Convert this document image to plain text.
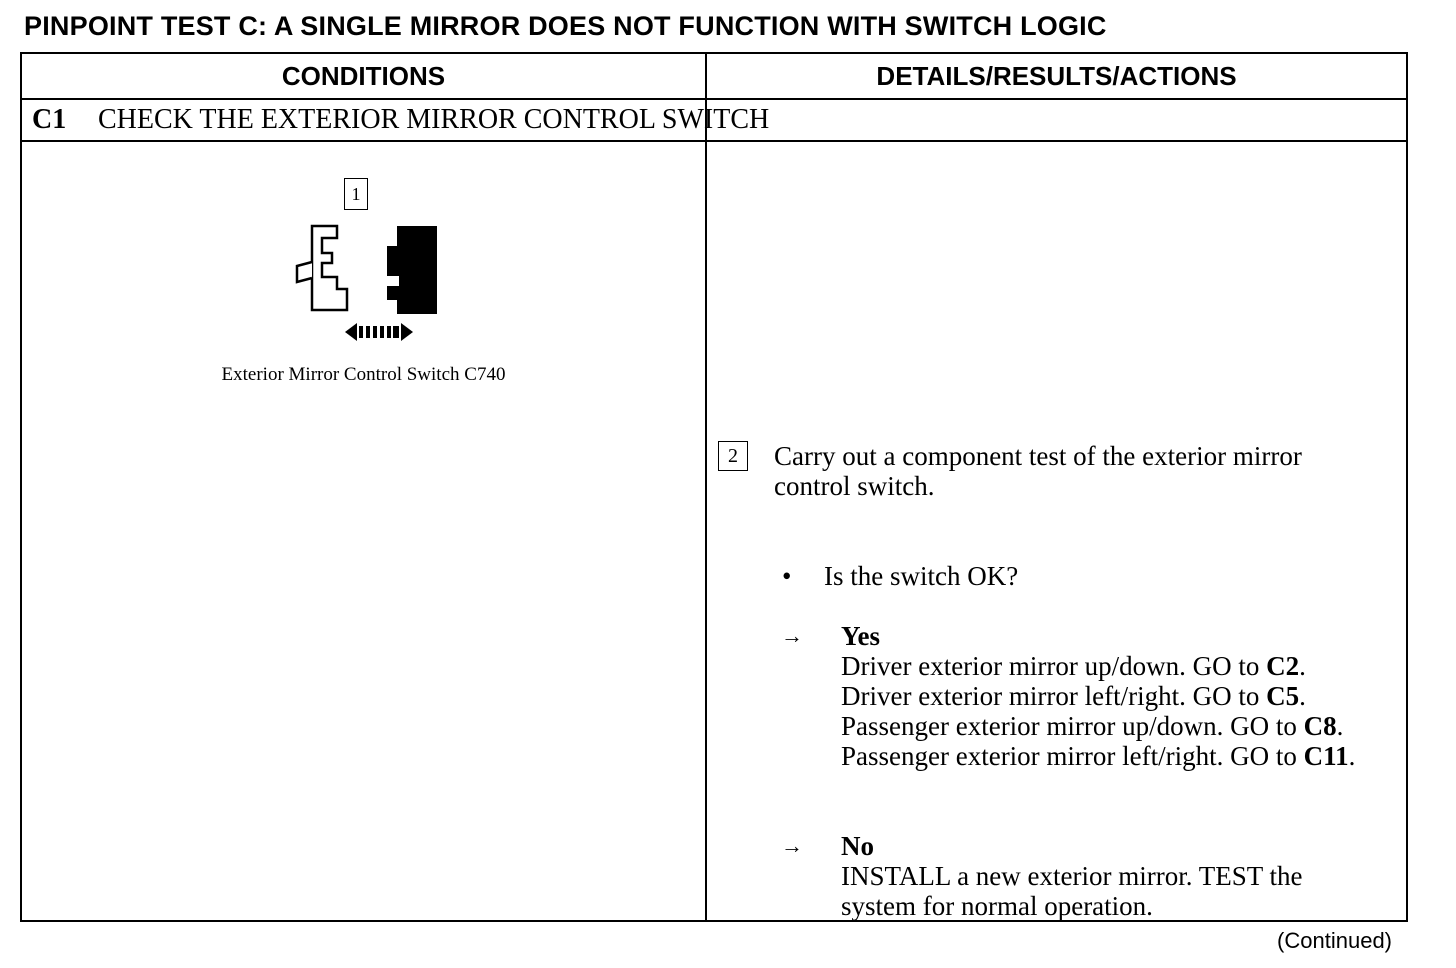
PINPOINT TEST C: A SINGLE MIRROR DOES NOT FUNCTION WITH SWITCH LOGIC
CONDITIONS	DETAILS/RESULTS/ACTIONS
C1	CHECK THE EXTERIOR MIRROR CONTROL SWITCH
1
Exterior Mirror Control Switch C740
2	Carry out a component test of the exterior mirror control switch.
• Is the switch OK?
→ Yes
Driver exterior mirror up/down. GO to C2.
Driver exterior mirror left/right. GO to C5.
Passenger exterior mirror up/down. GO to C8. Passenger exterior mirror left/right. GO to C11.
→ No
INSTALL a new exterior mirror. TEST the system for normal operation.
(Continued)
